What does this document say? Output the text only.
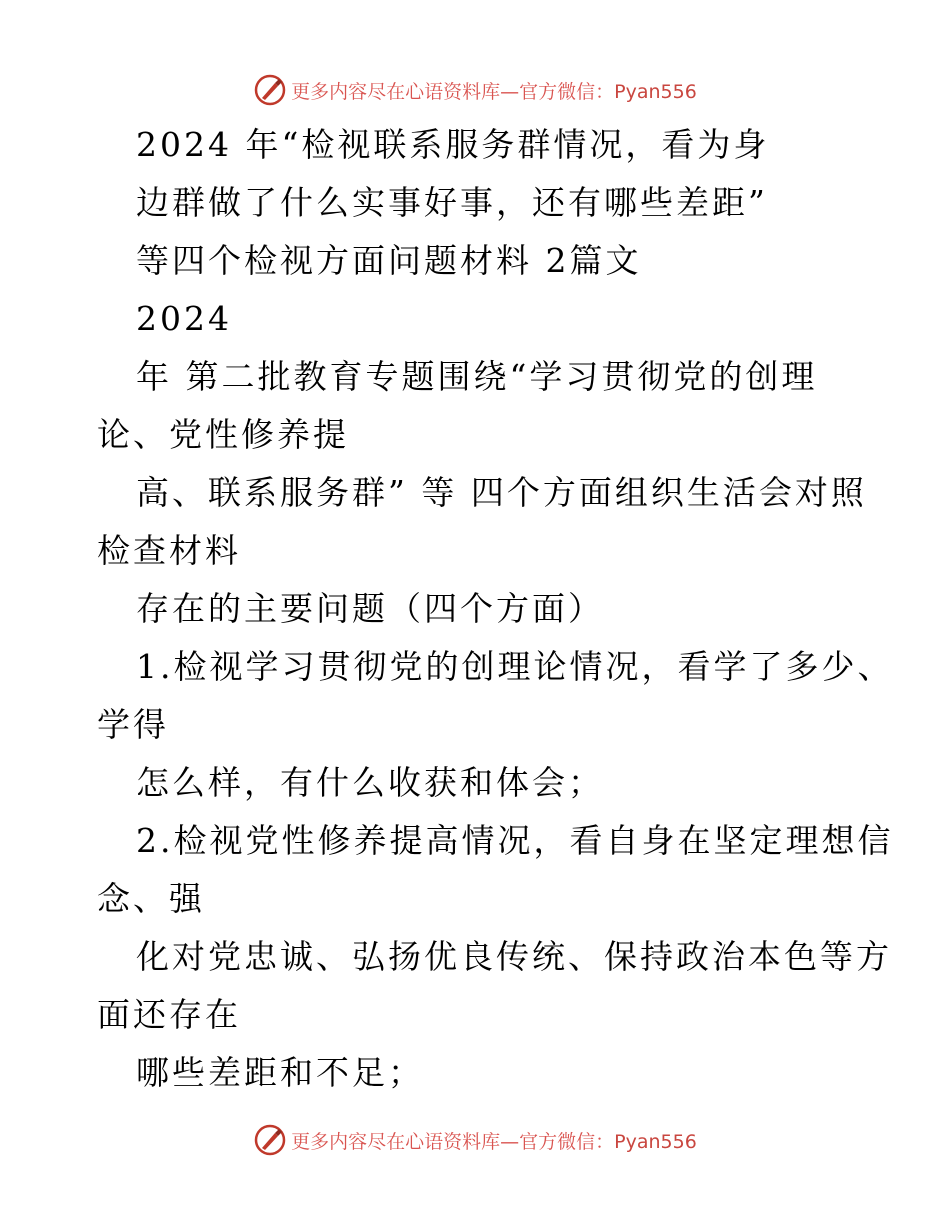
更多内容尽在心语资料库—官方微信：Pyan556
2024 年“检视联系服务群情况，看为身
边群做了什么实事好事，还有哪些差距”
等四个检视方面问题材料 2篇文
2024
年 第二批教育专题围绕“学习贯彻党的创理
论、党性修养提
高、联系服务群” 等 四个方面组织生活会对照
检查材料
存在的主要问题（四个方面）
1.检视学习贯彻党的创理论情况，看学了多少、
学得
怎么样，有什么收获和体会；
2.检视党性修养提高情况，看自身在坚定理想信
念、强
化对党忠诚、弘扬优良传统、保持政治本色等方
面还存在
哪些差距和不足；
更多内容尽在心语资料库—官方微信：Pyan556
